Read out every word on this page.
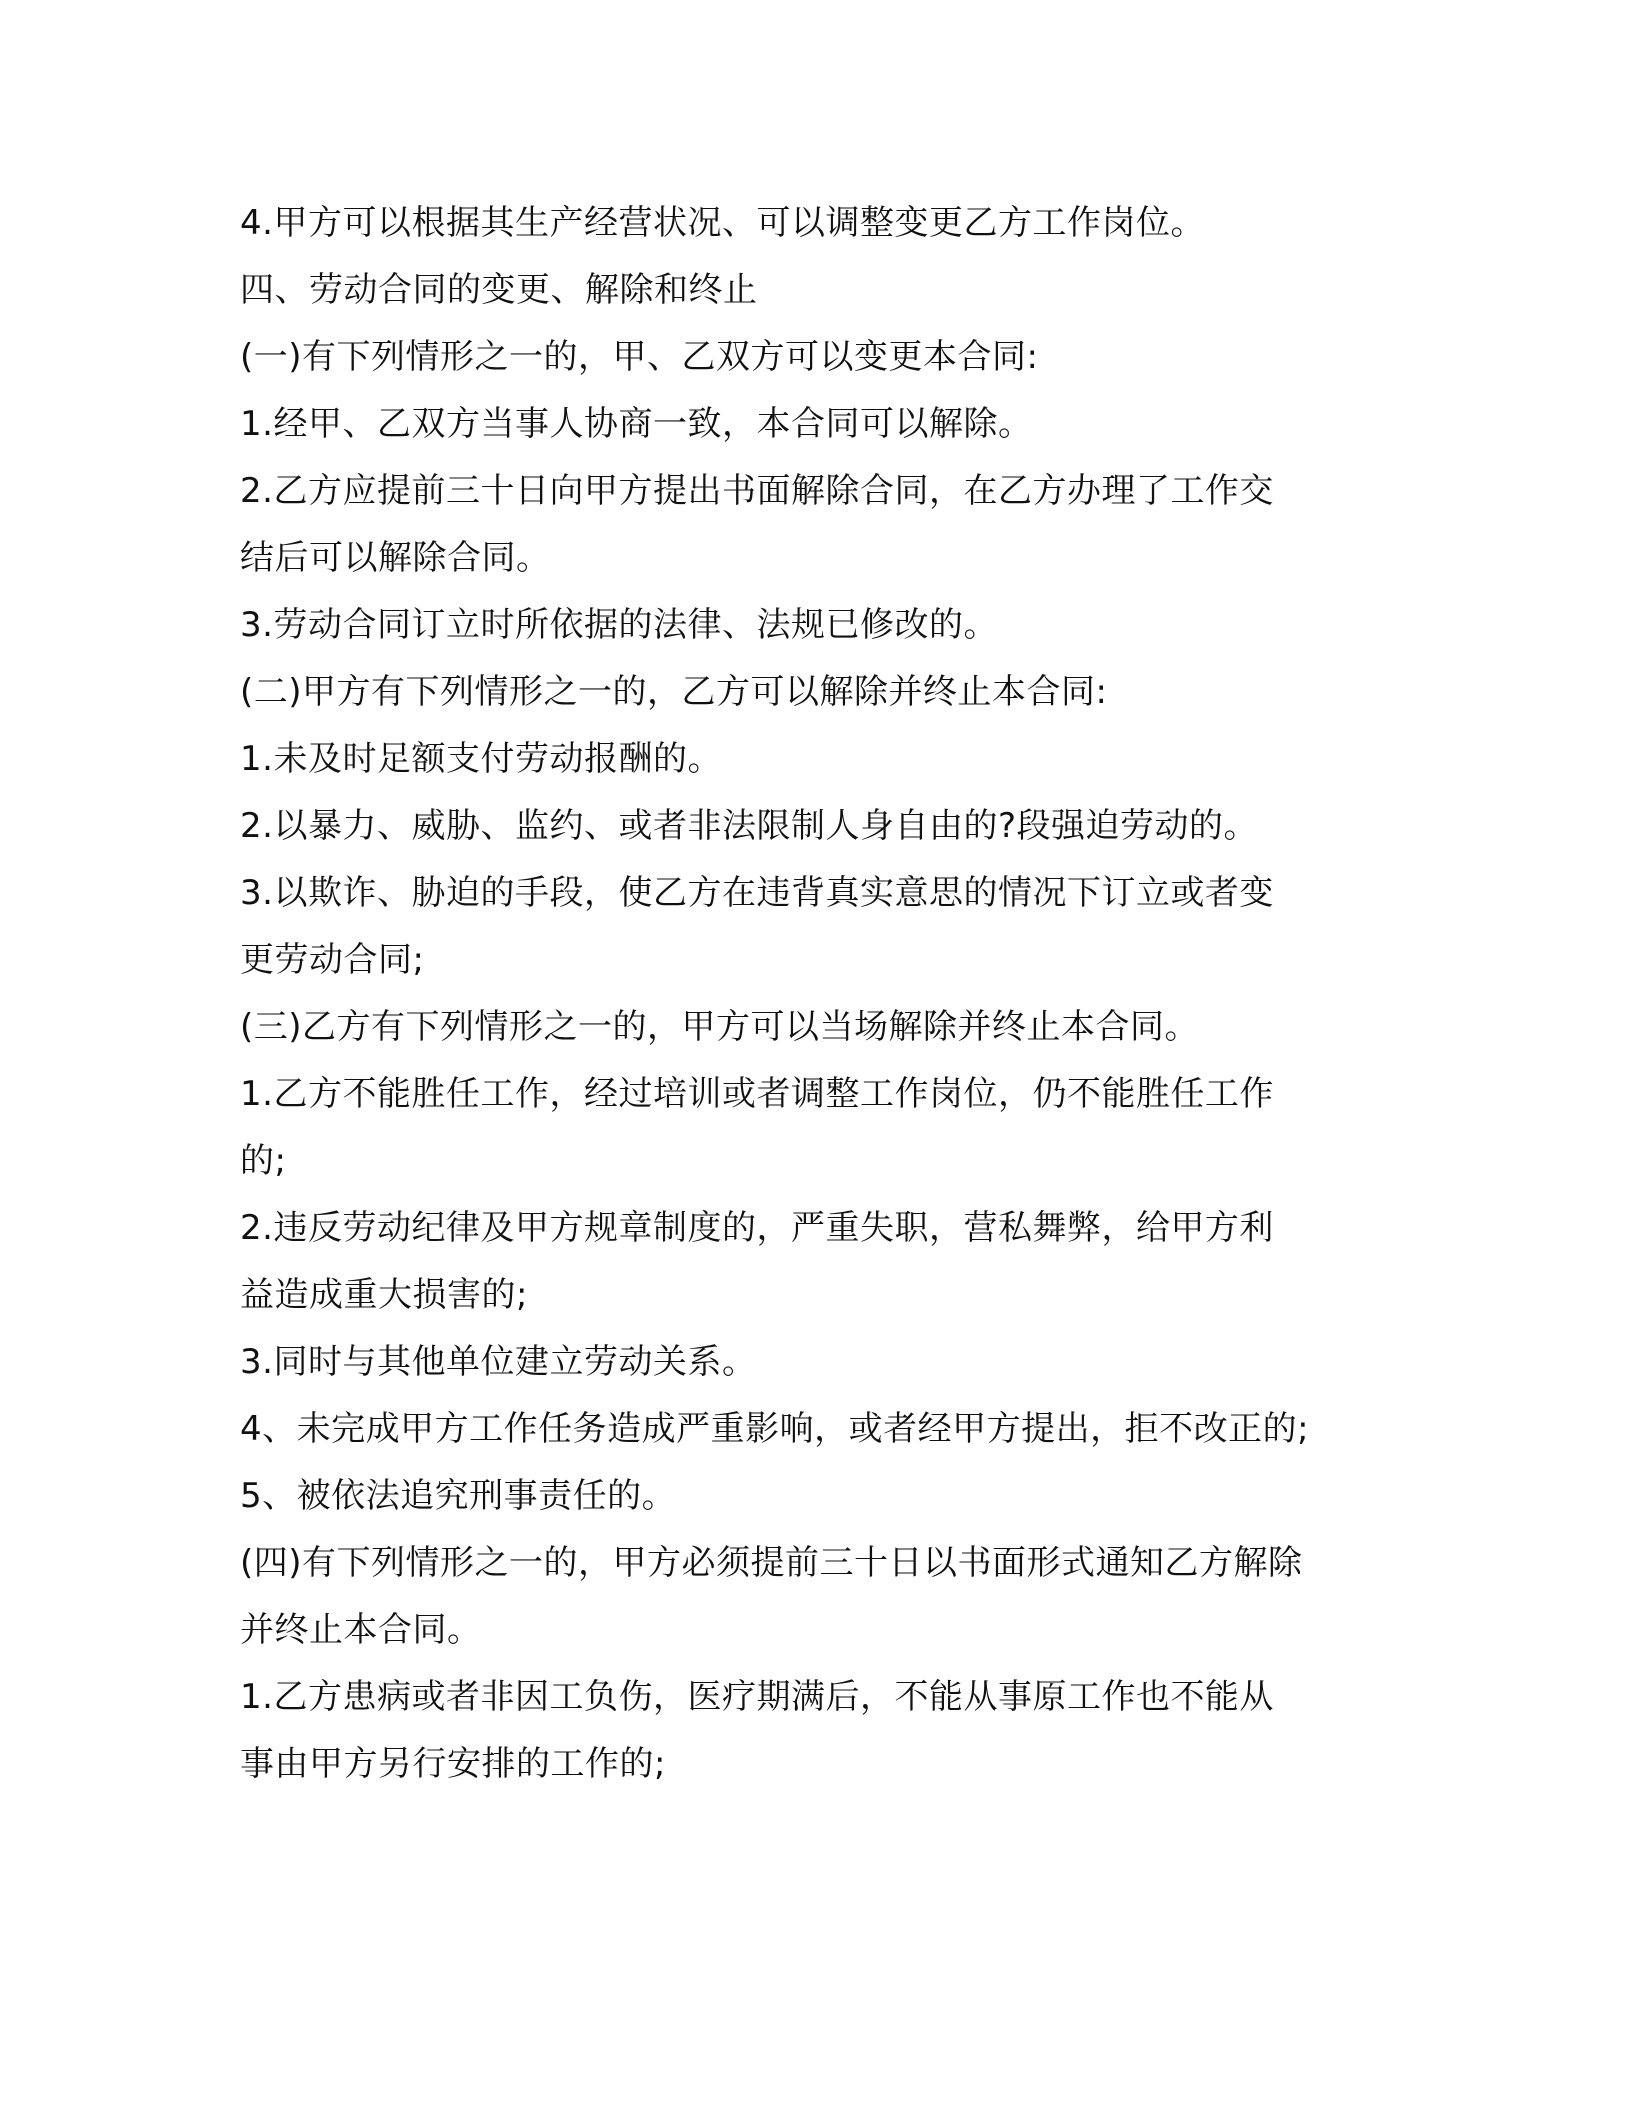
4.甲方可以根据其生产经营状况、可以调整变更乙方工作岗位。
四、劳动合同的变更、解除和终止
(一)有下列情形之一的，甲、乙双方可以变更本合同:
1.经甲、乙双方当事人协商一致，本合同可以解除。
2.乙方应提前三十日向甲方提出书面解除合同，在乙方办理了工作交
结后可以解除合同。
3.劳动合同订立时所依据的法律、法规已修改的。
(二)甲方有下列情形之一的，乙方可以解除并终止本合同:
1.未及时足额支付劳动报酬的。
2.以暴力、威胁、监约、或者非法限制人身自由的?段强迫劳动的。
3.以欺诈、胁迫的手段，使乙方在违背真实意思的情况下订立或者变
更劳动合同;
(三)乙方有下列情形之一的，甲方可以当场解除并终止本合同。
1.乙方不能胜任工作，经过培训或者调整工作岗位，仍不能胜任工作
的;
2.违反劳动纪律及甲方规章制度的，严重失职，营私舞弊，给甲方利
益造成重大损害的;
3.同时与其他单位建立劳动关系。
4、未完成甲方工作任务造成严重影响，或者经甲方提出，拒不改正的;
5、被依法追究刑事责任的。
(四)有下列情形之一的，甲方必须提前三十日以书面形式通知乙方解除
并终止本合同。
1.乙方患病或者非因工负伤，医疗期满后，不能从事原工作也不能从
事由甲方另行安排的工作的;
